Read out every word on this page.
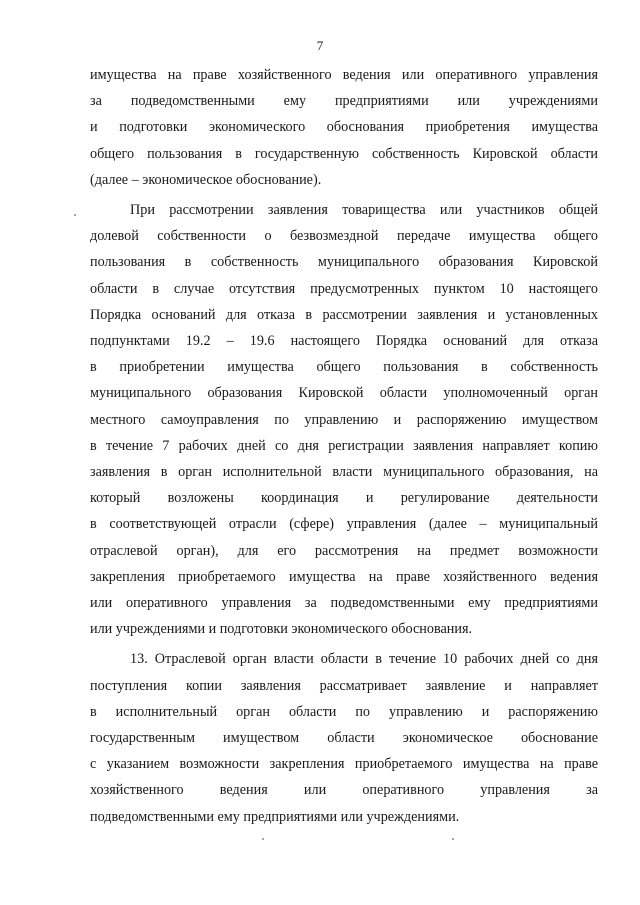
7

имущества на праве хозяйственного ведения или оперативного управления
за подведомственными ему предприятиями или учреждениями
и подготовки экономического обоснования приобретения имущества
общего пользования в государственную собственность Кировской области
(далее – экономическое обоснование).

При рассмотрении заявления товарищества или участников общей
долевой собственности о безвозмездной передаче имущества общего
пользования в собственность муниципального образования Кировской
области в случае отсутствия предусмотренных пунктом 10 настоящего
Порядка оснований для отказа в рассмотрении заявления и установленных
подпунктами 19.2 – 19.6 настоящего Порядка оснований для отказа
в приобретении имущества общего пользования в собственность
муниципального образования Кировской области уполномоченный орган
местного самоуправления по управлению и распоряжению имуществом
в течение 7 рабочих дней со дня регистрации заявления направляет копию
заявления в орган исполнительной власти муниципального образования, на
который возложены координация и регулирование деятельности
в соответствующей отрасли (сфере) управления (далее – муниципальный
отраслевой орган), для его рассмотрения на предмет возможности
закрепления приобретаемого имущества на праве хозяйственного ведения
или оперативного управления за подведомственными ему предприятиями
или учреждениями и подготовки экономического обоснования.

13. Отраслевой орган власти области в течение 10 рабочих дней со дня
поступления копии заявления рассматривает заявление и направляет
в исполнительный орган области по управлению и распоряжению
государственным имуществом области экономическое обоснование
с указанием возможности закрепления приобретаемого имущества на праве
хозяйственного ведения или оперативного управления за
подведомственными ему предприятиями или учреждениями.
